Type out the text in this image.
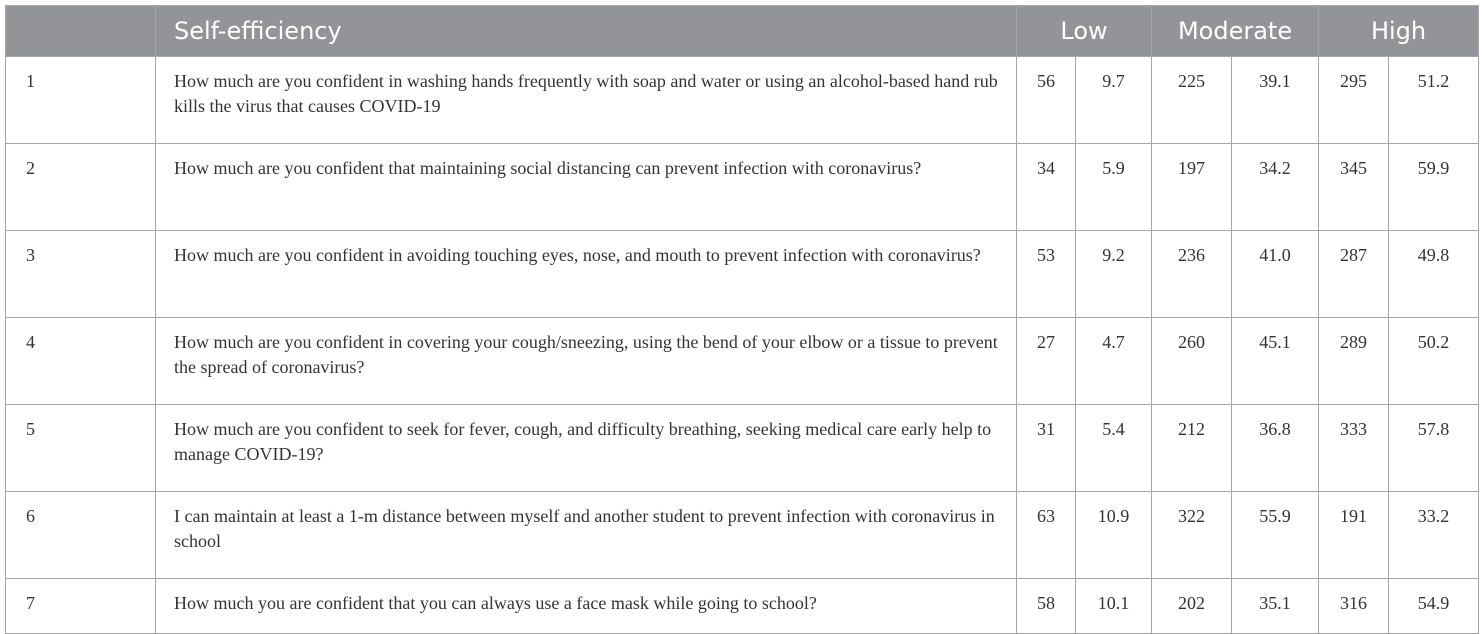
	Self-efficiency	Low		Moderate		High	
1	How much are you confident in washing hands frequently with soap and water or using an alcohol-based hand rub kills the virus that causes COVID-19	56	9.7	225	39.1	295	51.2
2	How much are you confident that maintaining social distancing can prevent infection with coronavirus?	34	5.9	197	34.2	345	59.9
3	How much are you confident in avoiding touching eyes, nose, and mouth to prevent infection with coronavirus?	53	9.2	236	41.0	287	49.8
4	How much are you confident in covering your cough/sneezing, using the bend of your elbow or a tissue to prevent the spread of coronavirus?	27	4.7	260	45.1	289	50.2
5	How much are you confident to seek for fever, cough, and difficulty breathing, seeking medical care early help to manage COVID-19?	31	5.4	212	36.8	333	57.8
6	I can maintain at least a 1-m distance between myself and another student to prevent infection with coronavirus in school	63	10.9	322	55.9	191	33.2
7	How much you are confident that you can always use a face mask while going to school?	58	10.1	202	35.1	316	54.9
